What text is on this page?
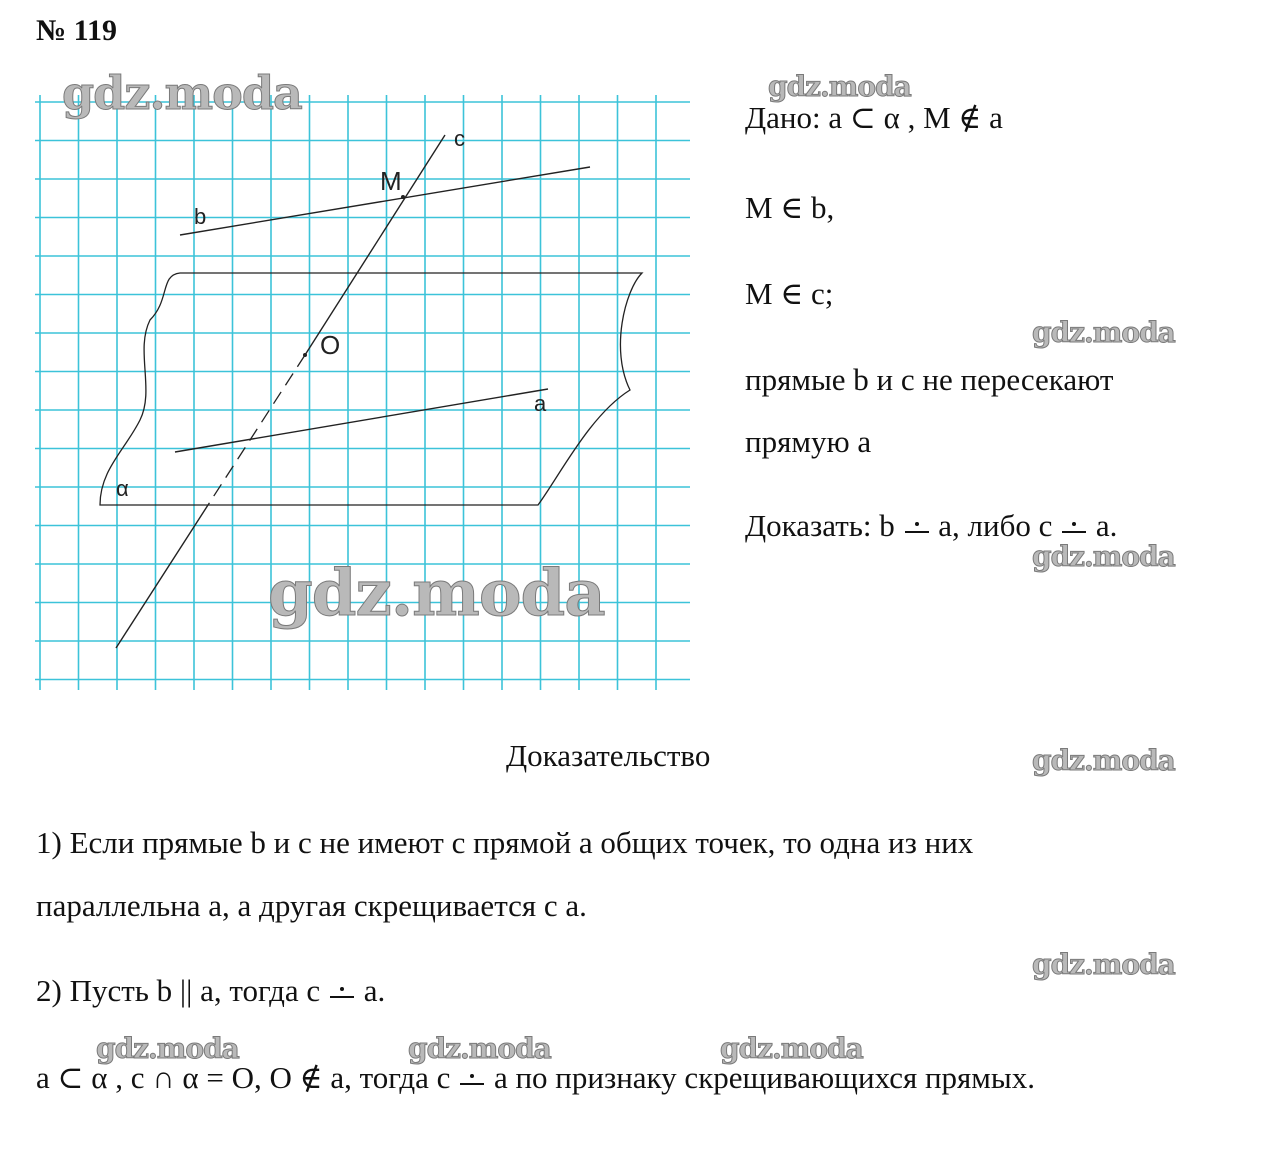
№ 119
c
M
b
O
a
α
Дано: a ⊂ α , M ∉ a
M ∈ b,
M ∈ c;
прямые b и c не пересекают
прямую a
Доказать: b a, либо c a.
Доказательство
1) Если прямые b и c не имеют с прямой a общих точек, то одна из них
параллельна a, а другая скрещивается с a.
2) Пусть b || a, тогда c a.
a ⊂ α , c ∩ α = O, O ∉ a, тогда c a по признаку скрещивающихся прямых.
gdz.moda	gdz.moda
gdz.moda
gdz.moda
gdz.moda
gdz.moda
gdz.moda
gdz.moda	gdz.moda	gdz.moda
